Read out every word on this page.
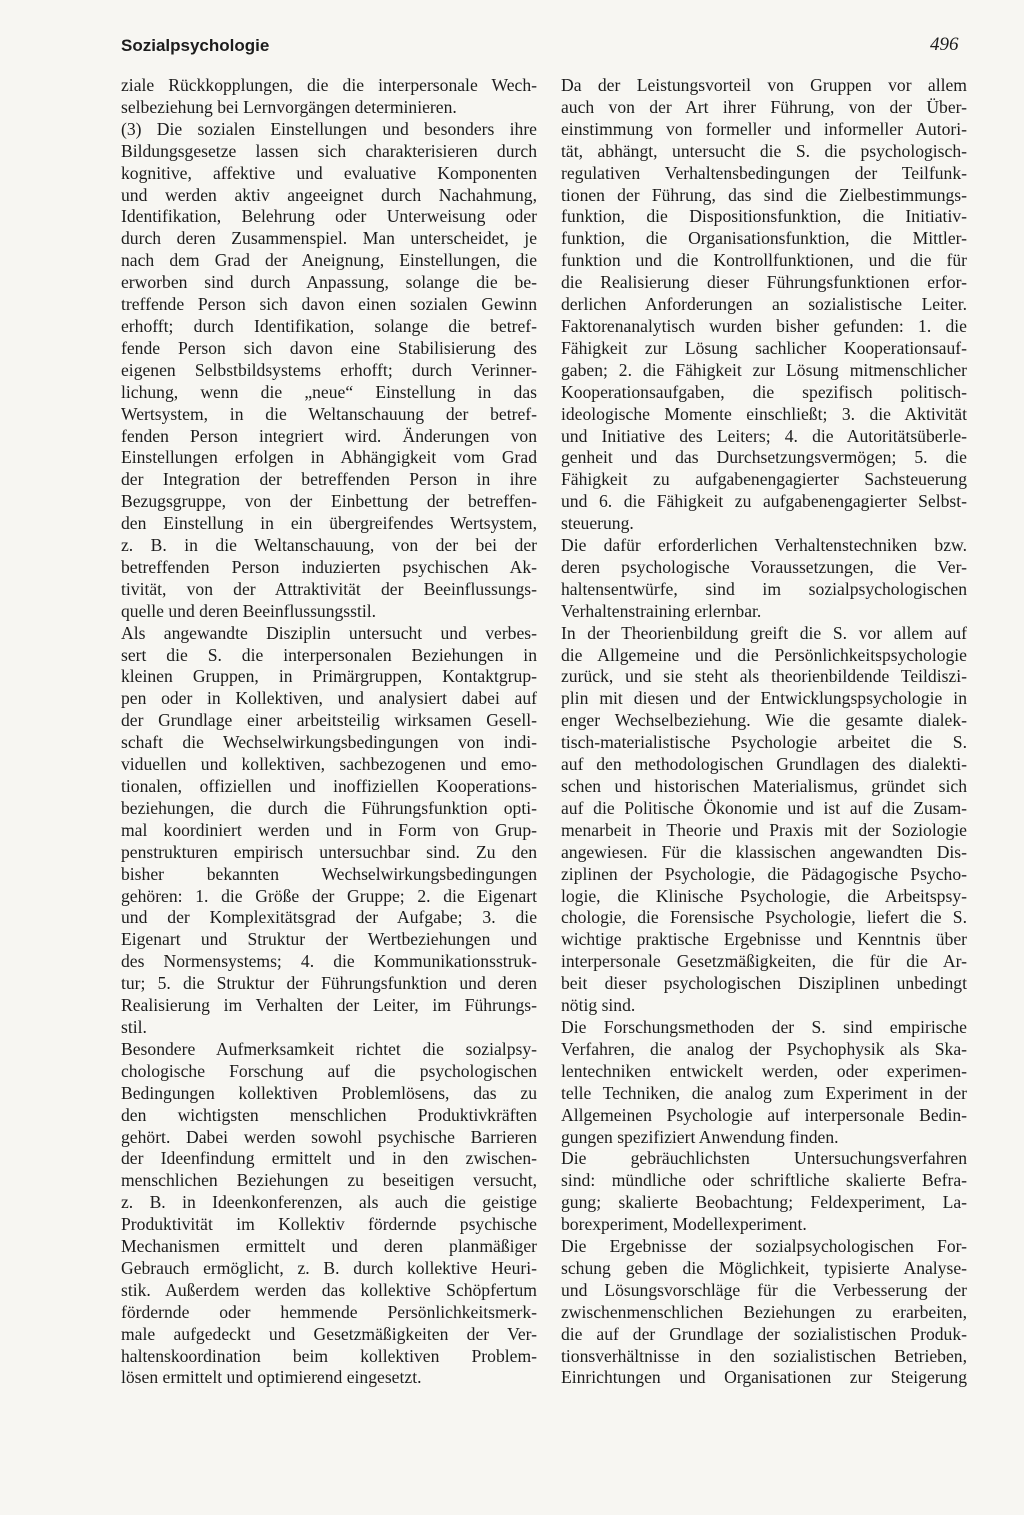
Sozialpsychologie	496
ziale Rückkopplungen, die die interpersonale Wech-
selbeziehung bei Lernvorgängen determinieren.
(3) Die sozialen Einstellungen und besonders ihre
Bildungsgesetze lassen sich charakterisieren durch
kognitive, affektive und evaluative Komponenten
und werden aktiv angeeignet durch Nachahmung,
Identifikation, Belehrung oder Unterweisung oder
durch deren Zusammenspiel. Man unterscheidet, je
nach dem Grad der Aneignung, Einstellungen, die
erworben sind durch Anpassung, solange die be-
treffende Person sich davon einen sozialen Gewinn
erhofft; durch Identifikation, solange die betref-
fende Person sich davon eine Stabilisierung des
eigenen Selbstbildsystems erhofft; durch Verinner-
lichung, wenn die „neue“ Einstellung in das
Wertsystem, in die Weltanschauung der betref-
fenden Person integriert wird. Änderungen von
Einstellungen erfolgen in Abhängigkeit vom Grad
der Integration der betreffenden Person in ihre
Bezugsgruppe, von der Einbettung der betreffen-
den Einstellung in ein übergreifendes Wertsystem,
z. B. in die Weltanschauung, von der bei der
betreffenden Person induzierten psychischen Ak-
tivität, von der Attraktivität der Beeinflussungs-
quelle und deren Beeinflussungsstil.
Als angewandte Disziplin untersucht und verbes-
sert die S. die interpersonalen Beziehungen in
kleinen Gruppen, in Primärgruppen, Kontaktgrup-
pen oder in Kollektiven, und analysiert dabei auf
der Grundlage einer arbeitsteilig wirksamen Gesell-
schaft die Wechselwirkungsbedingungen von indi-
viduellen und kollektiven, sachbezogenen und emo-
tionalen, offiziellen und inoffiziellen Kooperations-
beziehungen, die durch die Führungsfunktion opti-
mal koordiniert werden und in Form von Grup-
penstrukturen empirisch untersuchbar sind. Zu den
bisher bekannten Wechselwirkungsbedingungen
gehören: 1. die Größe der Gruppe; 2. die Eigenart
und der Komplexitätsgrad der Aufgabe; 3. die
Eigenart und Struktur der Wertbeziehungen und
des Normensystems; 4. die Kommunikationsstruk-
tur; 5. die Struktur der Führungsfunktion und deren
Realisierung im Verhalten der Leiter, im Führungs-
stil.
Besondere Aufmerksamkeit richtet die sozialpsy-
chologische Forschung auf die psychologischen
Bedingungen kollektiven Problemlösens, das zu
den wichtigsten menschlichen Produktivkräften
gehört. Dabei werden sowohl psychische Barrieren
der Ideenfindung ermittelt und in den zwischen-
menschlichen Beziehungen zu beseitigen versucht,
z. B. in Ideenkonferenzen, als auch die geistige
Produktivität im Kollektiv fördernde psychische
Mechanismen ermittelt und deren planmäßiger
Gebrauch ermöglicht, z. B. durch kollektive Heuri-
stik. Außerdem werden das kollektive Schöpfertum
fördernde oder hemmende Persönlichkeitsmerk-
male aufgedeckt und Gesetzmäßigkeiten der Ver-
haltenskoordination beim kollektiven Problem-
lösen ermittelt und optimierend eingesetzt.
Da der Leistungsvorteil von Gruppen vor allem
auch von der Art ihrer Führung, von der Über-
einstimmung von formeller und informeller Autori-
tät, abhängt, untersucht die S. die psychologisch-
regulativen Verhaltensbedingungen der Teilfunk-
tionen der Führung, das sind die Zielbestimmungs-
funktion, die Dispositionsfunktion, die Initiativ-
funktion, die Organisationsfunktion, die Mittler-
funktion und die Kontrollfunktionen, und die für
die Realisierung dieser Führungsfunktionen erfor-
derlichen Anforderungen an sozialistische Leiter.
Faktorenanalytisch wurden bisher gefunden: 1. die
Fähigkeit zur Lösung sachlicher Kooperationsauf-
gaben; 2. die Fähigkeit zur Lösung mitmenschlicher
Kooperationsaufgaben, die spezifisch politisch-
ideologische Momente einschließt; 3. die Aktivität
und Initiative des Leiters; 4. die Autoritätsüberle-
genheit und das Durchsetzungsvermögen; 5. die
Fähigkeit zu aufgabenengagierter Sachsteuerung
und 6. die Fähigkeit zu aufgabenengagierter Selbst-
steuerung.
Die dafür erforderlichen Verhaltenstechniken bzw.
deren psychologische Voraussetzungen, die Ver-
haltensentwürfe, sind im sozialpsychologischen
Verhaltenstraining erlernbar.
In der Theorienbildung greift die S. vor allem auf
die Allgemeine und die Persönlichkeitspsychologie
zurück, und sie steht als theorienbildende Teildiszi-
plin mit diesen und der Entwicklungspsychologie in
enger Wechselbeziehung. Wie die gesamte dialek-
tisch-materialistische Psychologie arbeitet die S.
auf den methodologischen Grundlagen des dialekti-
schen und historischen Materialismus, gründet sich
auf die Politische Ökonomie und ist auf die Zusam-
menarbeit in Theorie und Praxis mit der Soziologie
angewiesen. Für die klassischen angewandten Dis-
ziplinen der Psychologie, die Pädagogische Psycho-
logie, die Klinische Psychologie, die Arbeitspsy-
chologie, die Forensische Psychologie, liefert die S.
wichtige praktische Ergebnisse und Kenntnis über
interpersonale Gesetzmäßigkeiten, die für die Ar-
beit dieser psychologischen Disziplinen unbedingt
nötig sind.
Die Forschungsmethoden der S. sind empirische
Verfahren, die analog der Psychophysik als Ska-
lentechniken entwickelt werden, oder experimen-
telle Techniken, die analog zum Experiment in der
Allgemeinen Psychologie auf interpersonale Bedin-
gungen spezifiziert Anwendung finden.
Die gebräuchlichsten Untersuchungsverfahren
sind: mündliche oder schriftliche skalierte Befra-
gung; skalierte Beobachtung; Feldexperiment, La-
borexperiment, Modellexperiment.
Die Ergebnisse der sozialpsychologischen For-
schung geben die Möglichkeit, typisierte Analyse-
und Lösungsvorschläge für die Verbesserung der
zwischenmenschlichen Beziehungen zu erarbeiten,
die auf der Grundlage der sozialistischen Produk-
tionsverhältnisse in den sozialistischen Betrieben,
Einrichtungen und Organisationen zur Steigerung
